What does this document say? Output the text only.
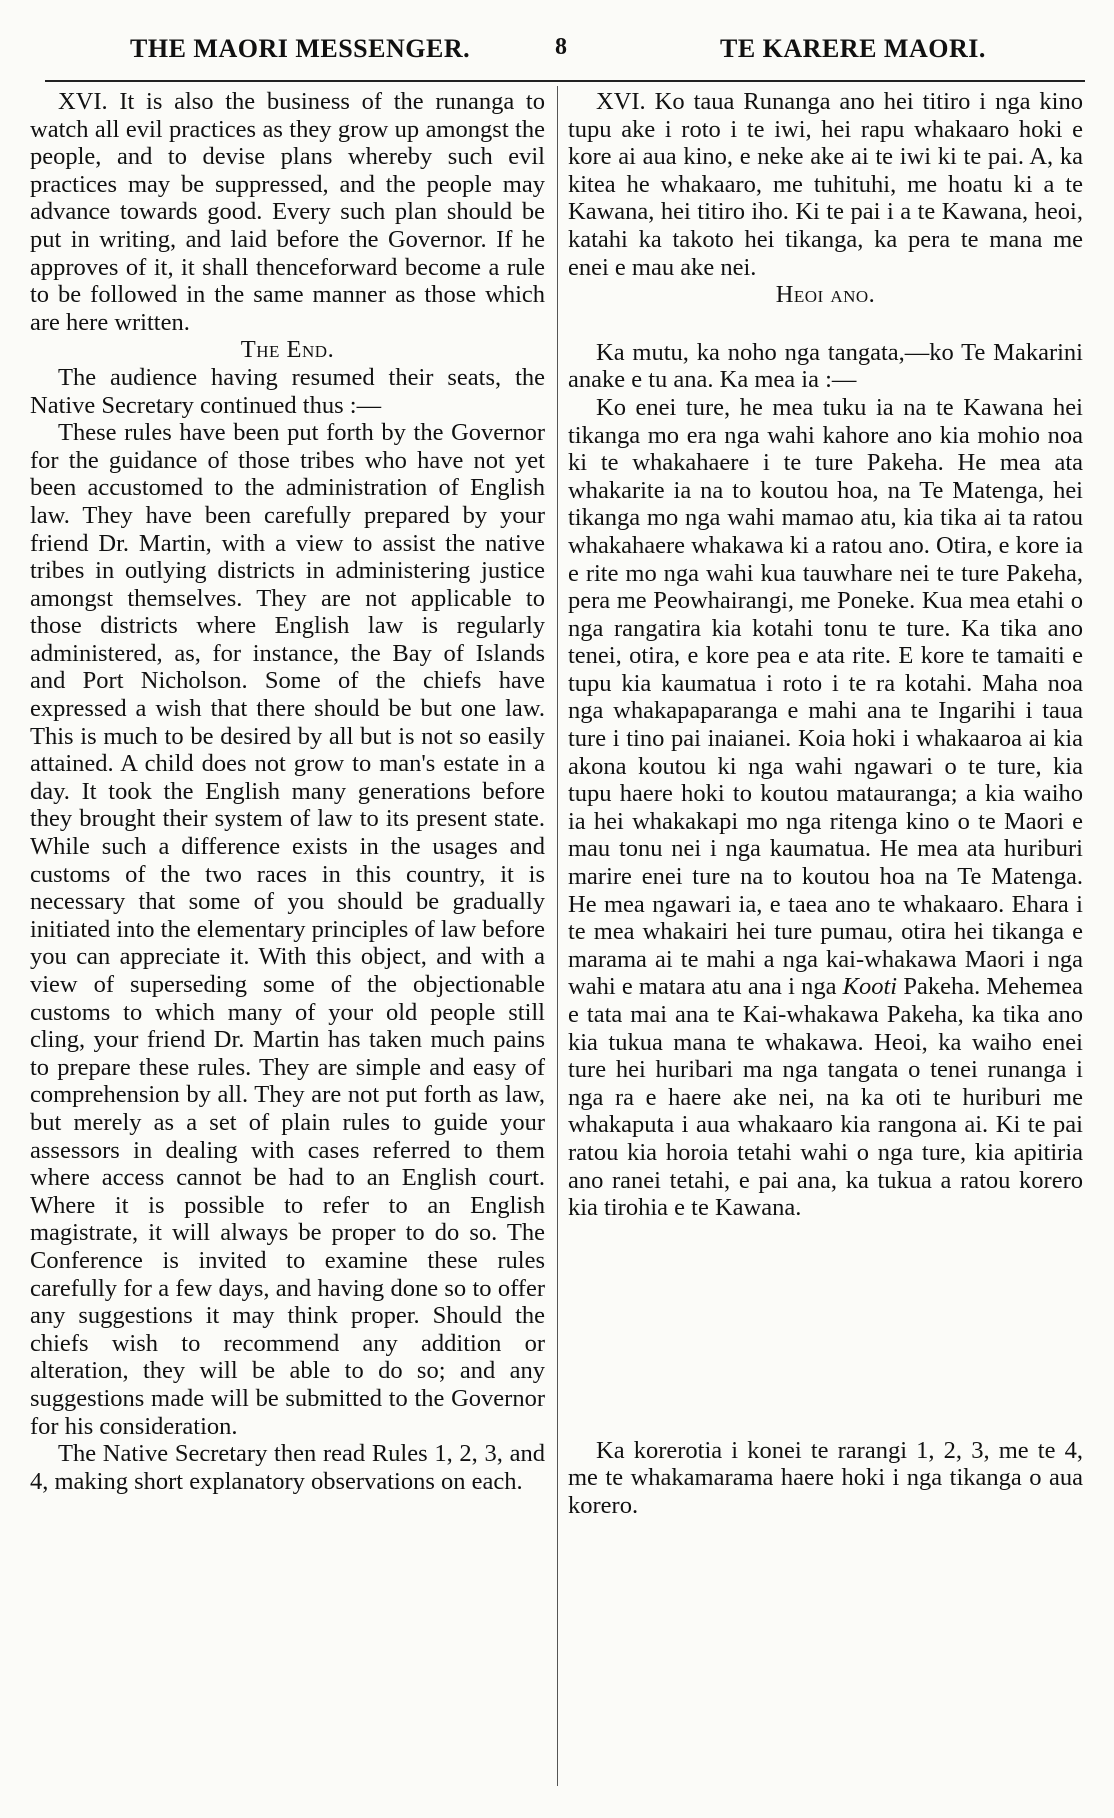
THE MAORI MESSENGER.	8	TE KARERE MAORI.

XVI. It is also the business of the runanga to watch all evil practices as they grow up amongst the people, and to devise plans whereby such evil practices may be suppressed, and the people may advance towards good. Every such plan should be put in writing, and laid before the Governor. If he approves of it, it shall thenceforward become a rule to be followed in the same manner as those which are here written.

The End.

The audience having resumed their seats, the Native Secretary continued thus :—

These rules have been put forth by the Governor for the guidance of those tribes who have not yet been accustomed to the administration of English law. They have been carefully prepared by your friend Dr. Martin, with a view to assist the native tribes in outlying districts in administering justice amongst themselves. They are not applicable to those districts where English law is regularly administered, as, for instance, the Bay of Islands and Port Nicholson. Some of the chiefs have expressed a wish that there should be but one law. This is much to be desired by all but is not so easily attained. A child does not grow to man's estate in a day. It took the English many generations before they brought their system of law to its present state. While such a difference exists in the usages and customs of the two races in this country, it is necessary that some of you should be gradually initiated into the elementary principles of law before you can appreciate it. With this object, and with a view of superseding some of the objectionable customs to which many of your old people still cling, your friend Dr. Martin has taken much pains to prepare these rules. They are simple and easy of comprehension by all. They are not put forth as law, but merely as a set of plain rules to guide your assessors in dealing with cases referred to them where access cannot be had to an English court. Where it is possible to refer to an English magistrate, it will always be proper to do so. The Conference is invited to examine these rules carefully for a few days, and having done so to offer any suggestions it may think proper. Should the chiefs wish to recommend any addition or alteration, they will be able to do so; and any suggestions made will be submitted to the Governor for his consideration.

The Native Secretary then read Rules 1, 2, 3, and 4, making short explanatory observations on each.

XVI. Ko taua Runanga ano hei titiro i nga kino tupu ake i roto i te iwi, hei rapu whakaaro hoki e kore ai aua kino, e neke ake ai te iwi ki te pai. A, ka kitea he whakaaro, me tuhituhi, me hoatu ki a te Kawana, hei titiro iho. Ki te pai i a te Kawana, heoi, katahi ka takoto hei tikanga, ka pera te mana me enei e mau ake nei.

Heoi ano.

Ka mutu, ka noho nga tangata,—ko Te Makarini anake e tu ana. Ka mea ia :—

Ko enei ture, he mea tuku ia na te Kawana hei tikanga mo era nga wahi kahore ano kia mohio noa ki te whakahaere i te ture Pakeha. He mea ata whakarite ia na to koutou hoa, na Te Matenga, hei tikanga mo nga wahi mamao atu, kia tika ai ta ratou whakahaere whakawa ki a ratou ano. Otira, e kore ia e rite mo nga wahi kua tauwhare nei te ture Pakeha, pera me Peowhairangi, me Poneke. Kua mea etahi o nga rangatira kia kotahi tonu te ture. Ka tika ano tenei, otira, e kore pea e ata rite. E kore te tamaiti e tupu kia kaumatua i roto i te ra kotahi. Maha noa nga whakapaparanga e mahi ana te Ingarihi i taua ture i tino pai inaianei. Koia hoki i whakaaroa ai kia akona koutou ki nga wahi ngawari o te ture, kia tupu haere hoki to koutou matauranga; a kia waiho ia hei whakakapi mo nga ritenga kino o te Maori e mau tonu nei i nga kaumatua. He mea ata huriburi marire enei ture na to koutou hoa na Te Matenga. He mea ngawari ia, e taea ano te whakaaro. Ehara i te mea whakairi hei ture pumau, otira hei tikanga e marama ai te mahi a nga kai-whakawa Maori i nga wahi e matara atu ana i nga Kooti Pakeha. Mehemea e tata mai ana te Kai-whakawa Pakeha, ka tika ano kia tukua mana te whakawa. Heoi, ka waiho enei ture hei huribari ma nga tangata o tenei runanga i nga ra e haere ake nei, na ka oti te huriburi me whakaputa i aua whakaaro kia rangona ai. Ki te pai ratou kia horoia tetahi wahi o nga ture, kia apitiria ano ranei tetahi, e pai ana, ka tukua a ratou korero kia tirohia e te Kawana.

Ka korerotia i konei te rarangi 1, 2, 3, me te 4, me te whakamarama haere hoki i nga tikanga o aua korero.
